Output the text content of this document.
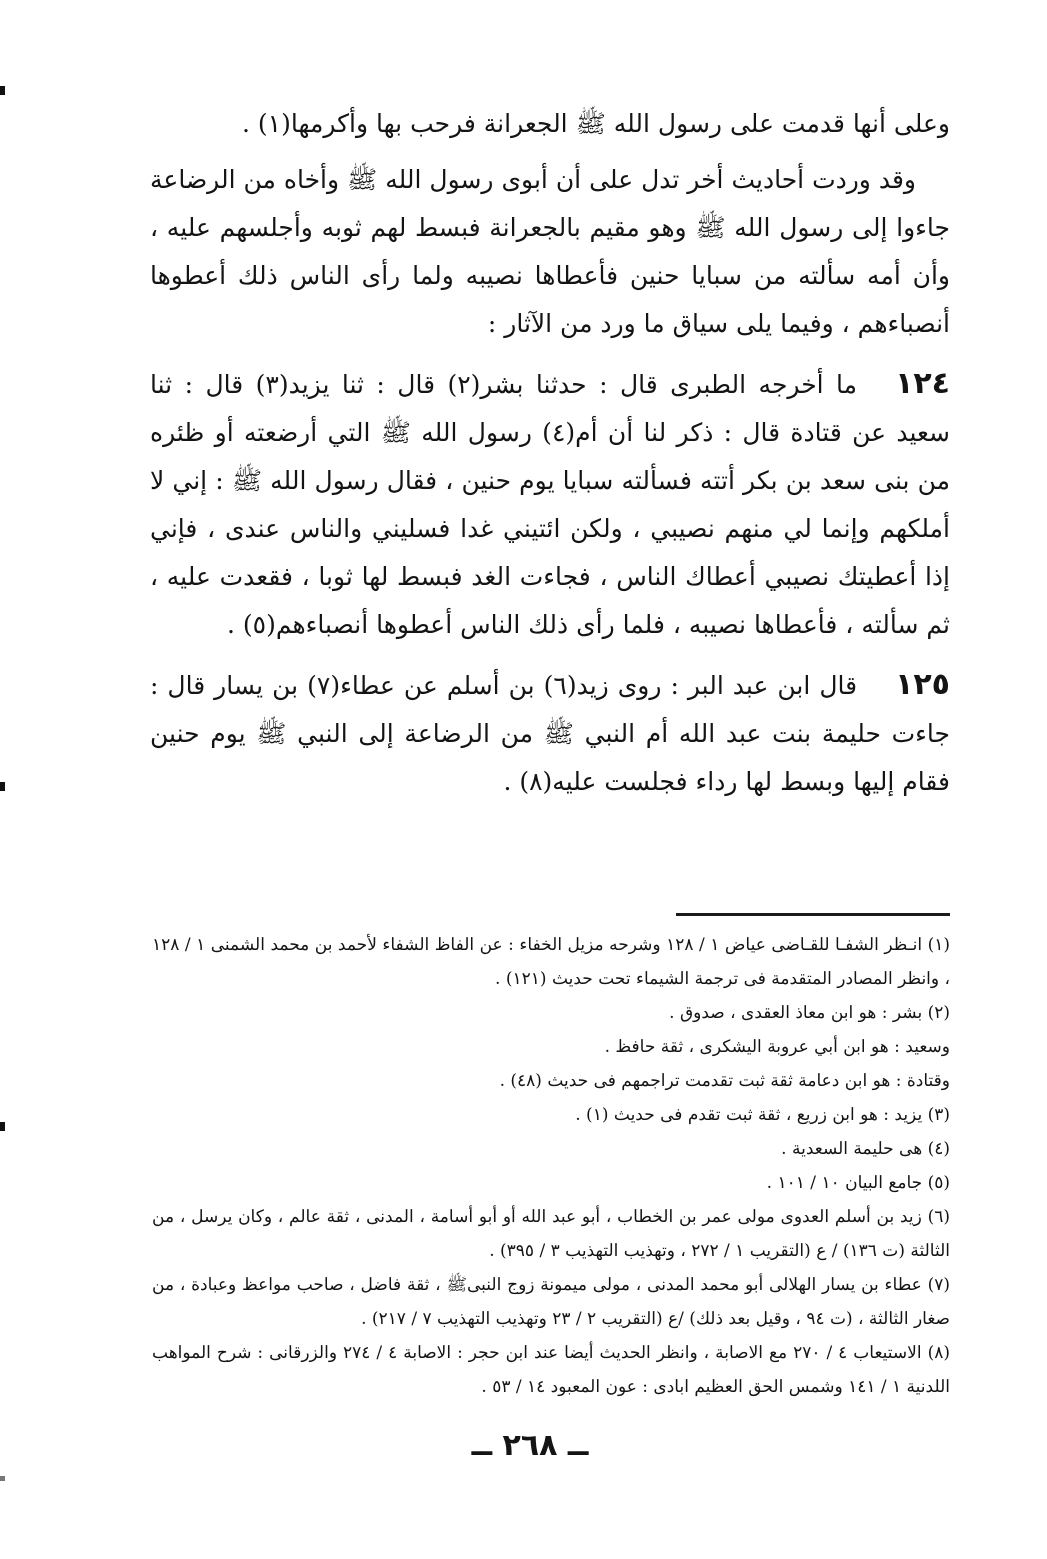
وعلى أنها قدمت على رسول الله ﷺ الجعرانة فرحب بها وأكرمها(١) .

وقد وردت أحاديث أخر تدل على أن أبوى رسول الله ﷺ وأخاه من الرضاعة جاءوا إلى رسول الله ﷺ وهو مقيم بالجعرانة فبسط لهم ثوبه وأجلسهم عليه ، وأن أمه سألته من سبايا حنين فأعطاها نصيبه ولما رأى الناس ذلك أعطوها أنصباءهم ، وفيما يلى سياق ما ورد من الآثار :

١٢٤ما أخرجه الطبرى قال : حدثنا بشر(٢) قال : ثنا يزيد(٣) قال : ثنا سعيد عن قتادة قال : ذكر لنا أن أم(٤) رسول الله ﷺ التي أرضعته أو ظئره من بنى سعد بن بكر أتته فسألته سبايا يوم حنين ، فقال رسول الله ﷺ : إني لا أملكهم وإنما لي منهم نصيبي ، ولكن ائتيني غدا فسليني والناس عندى ، فإني إذا أعطيتك نصيبي أعطاك الناس ، فجاءت الغد فبسط لها ثوبا ، فقعدت عليه ، ثم سألته ، فأعطاها نصيبه ، فلما رأى ذلك الناس أعطوها أنصباءهم(٥) .

١٢٥قال ابن عبد البر : روى زيد(٦) بن أسلم عن عطاء(٧) بن يسار قال : جاءت حليمة بنت عبد الله أم النبي ﷺ من الرضاعة إلى النبي ﷺ يوم حنين فقام إليها وبسط لها رداء فجلست عليه(٨) .

(١) انـظر الشفـا للقـاضى عياض ١ / ١٢٨ وشرحه مزيل الخفاء : عن الفاظ الشفاء لأحمد بن محمد الشمنى ١ / ١٢٨ ، وانظر المصادر المتقدمة فى ترجمة الشيماء تحت حديث (١٢١) .

(٢) بشر : هو ابن معاذ العقدى ، صدوق .

وسعيد : هو ابن أبي عروبة اليشكرى ، ثقة حافظ .

وقتادة : هو ابن دعامة ثقة ثبت تقدمت تراجمهم فى حديث (٤٨) .

(٣) يزيد : هو ابن زريع ، ثقة ثبت تقدم فى حديث (١) .

(٤) هى حليمة السعدية .

(٥) جامع البيان ١٠ / ١٠١ .

(٦) زيد بن أسلم العدوى مولى عمر بن الخطاب ، أبو عبد الله أو أبو أسامة ، المدنى ، ثقة عالم ، وكان يرسل ، من الثالثة (ت ١٣٦) / ع (التقريب ١ / ٢٧٢ ، وتهذيب التهذيب ٣ / ٣٩٥) .

(٧) عطاء بن يسار الهلالى أبو محمد المدنى ، مولى ميمونة زوج النبىﷺ ، ثقة فاضل ، صاحب مواعظ وعبادة ، من صغار الثالثة ، (ت ٩٤ ، وقيل بعد ذلك) /ع (التقريب ٢ / ٢٣ وتهذيب التهذيب ٧ / ٢١٧) .

(٨) الاستيعاب ٤ / ٢٧٠ مع الاصابة ، وانظر الحديث أيضا عند ابن حجر : الاصابة ٤ / ٢٧٤ والزرقانى : شرح المواهب اللدنية ١ / ١٤١ وشمس الحق العظيم ابادى : عون المعبود ١٤ / ٥٣ .

ــ ٢٦٨ ــ
